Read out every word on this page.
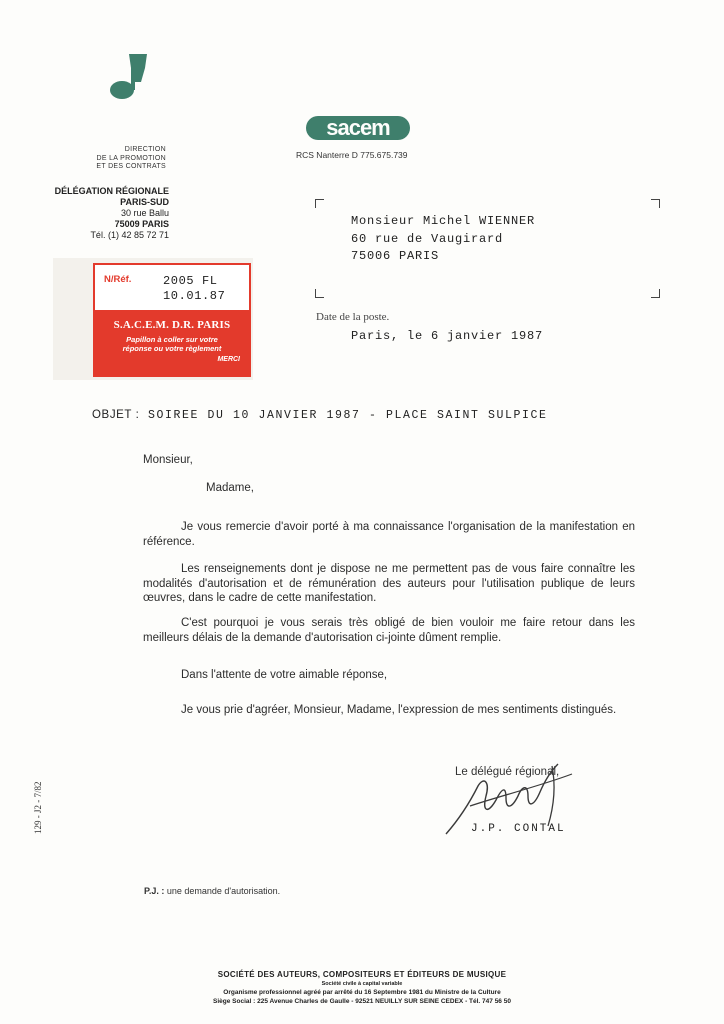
sacem
RCS Nanterre D 775.675.739
DIRECTION
DE LA PROMOTION
ET DES CONTRATS
DÉLÉGATION RÉGIONALE
PARIS-SUD
30 rue Ballu
75009 PARIS
Tél. (1) 42 85 72 71
Monsieur Michel WIENNER
60 rue de Vaugirard
75006 PARIS
Date de la poste.
Paris, le 6 janvier 1987
N/Réf.	2005 FL
10.01.87
S.A.C.E.M. D.R. PARIS
Papillon à coller sur votre
réponse ou votre règlement
MERCI
OBJET : SOIREE DU 10 JANVIER 1987 - PLACE SAINT SULPICE
Monsieur,
Madame,
Je vous remercie d'avoir porté à ma connaissance l'organisation de la manifestation en référence.
Les renseignements dont je dispose ne me permettent pas de vous faire connaître les modalités d'autorisation et de rémunération des auteurs pour l'utilisation publique de leurs œuvres, dans le cadre de cette manifestation.
C'est pourquoi je vous serais très obligé de bien vouloir me faire retour dans les meilleurs délais de la demande d'autorisation ci-jointe dûment remplie.
Dans l'attente de votre aimable réponse,
Je vous prie d'agréer, Monsieur, Madame, l'expression de mes sentiments distingués.
Le délégué régional,
J.P. CONTAL
P.J. : une demande d'autorisation.
129 - J2 - 7/82
SOCIÉTÉ DES AUTEURS, COMPOSITEURS ET ÉDITEURS DE MUSIQUE
Société civile à capital variable
Organisme professionnel agréé par arrêté du 16 Septembre 1981 du Ministre de la Culture
Siège Social : 225 Avenue Charles de Gaulle - 92521 NEUILLY SUR SEINE CEDEX - Tél. 747 56 50
